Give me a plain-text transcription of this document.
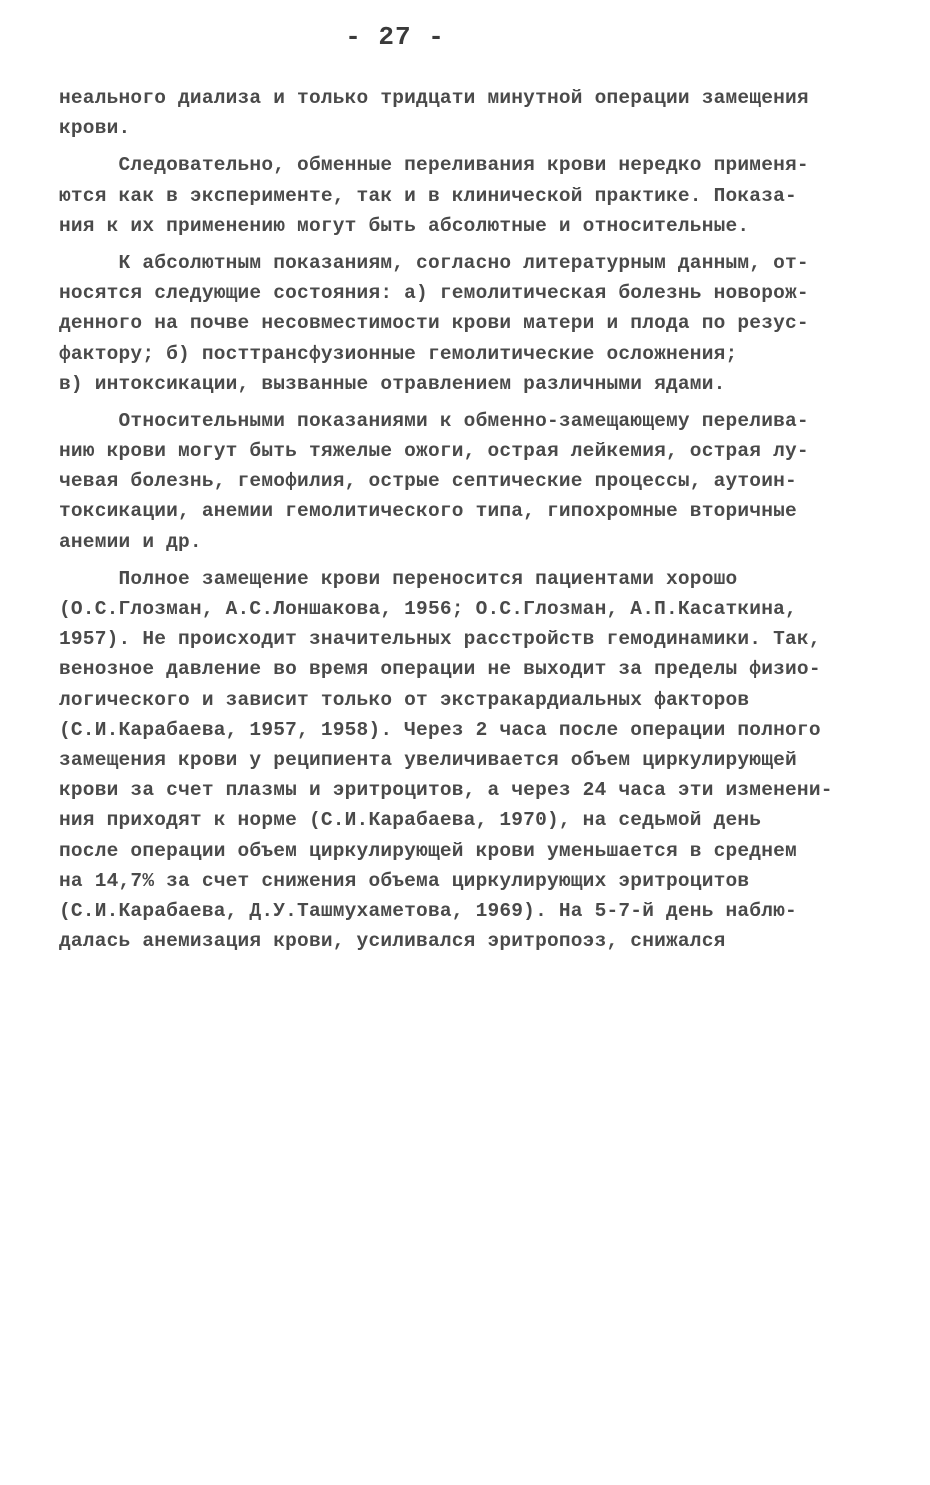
- 27 -
неального диализа и только тридцати минутной операции замещения
крови.
Следовательно, обменные переливания крови нередко применя-
ются как в эксперименте, так и в клинической практике. Показа-
ния к их применению могут быть абсолютные и относительные.
К абсолютным показаниям, согласно литературным данным, от-
носятся следующие состояния: а) гемолитическая болезнь новорож-
денного на почве несовместимости крови матери и плода по резус-
фактору; б) посттрансфузионные гемолитические осложнения;
в) интоксикации, вызванные отравлением различными ядами.
Относительными показаниями к обменно-замещающему перелива-
нию крови могут быть тяжелые ожоги, острая лейкемия, острая лу-
чевая болезнь, гемофилия, острые септические процессы, аутоин-
токсикации, анемии гемолитического типа, гипохромные вторичные
анемии и др.
Полное замещение крови переносится пациентами хорошо
(О.С.Глозман, А.С.Лоншакова, 1956; О.С.Глозман, А.П.Касаткина,
1957). Не происходит значительных расстройств гемодинамики. Так,
венозное давление во время операции не выходит за пределы физио-
логического и зависит только от экстракардиальных факторов
(С.И.Карабаева, 1957, 1958). Через 2 часа после операции полного
замещения крови у реципиента увеличивается объем циркулирующей
крови за счет плазмы и эритроцитов, а через 24 часа эти изменени-
ния приходят к норме (С.И.Карабаева, 1970), на седьмой день
после операции объем циркулирующей крови уменьшается в среднем
на 14,7% за счет снижения объема циркулирующих эритроцитов
(С.И.Карабаева, Д.У.Ташмухаметова, 1969). На 5-7-й день наблю-
далась анемизация крови, усиливался эритропоэз, снижался
